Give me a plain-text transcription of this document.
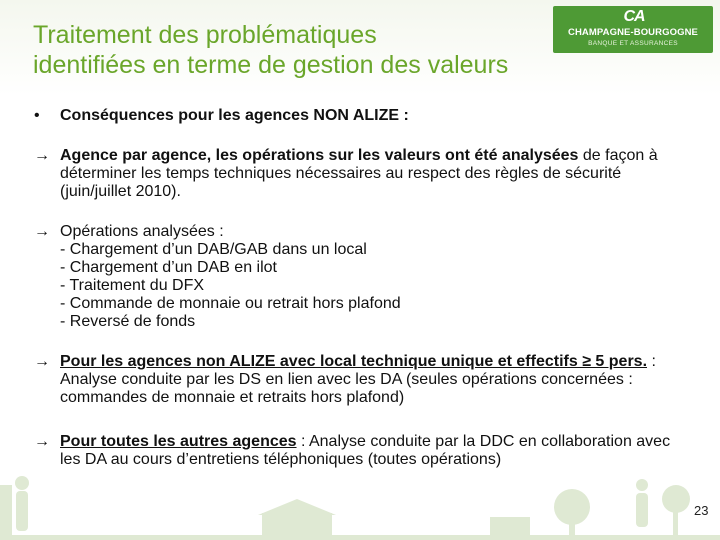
Traitement des problématiques
identifiées en terme de gestion des valeurs
CA
CHAMPAGNE-BOURGOGNE
BANQUE ET ASSURANCES
•	Conséquences pour les agences NON ALIZE :
→ Agence par agence, les opérations sur les valeurs ont été analysées de façon à déterminer les temps techniques nécessaires au respect des règles de sécurité (juin/juillet 2010).
→ Opérations analysées :
- Chargement d’un DAB/GAB dans un local
- Chargement d’un DAB en ilot
- Traitement du DFX
- Commande de monnaie ou retrait hors plafond
- Reversé de fonds
→ Pour les agences non ALIZE avec local technique unique et effectifs ≥ 5 pers. : Analyse conduite par les DS en lien avec les DA (seules opérations concernées : commandes de monnaie et retraits hors plafond)
→ Pour toutes les autres agences : Analyse conduite par la DDC en collaboration avec les DA au cours d’entretiens téléphoniques (toutes opérations)
23
